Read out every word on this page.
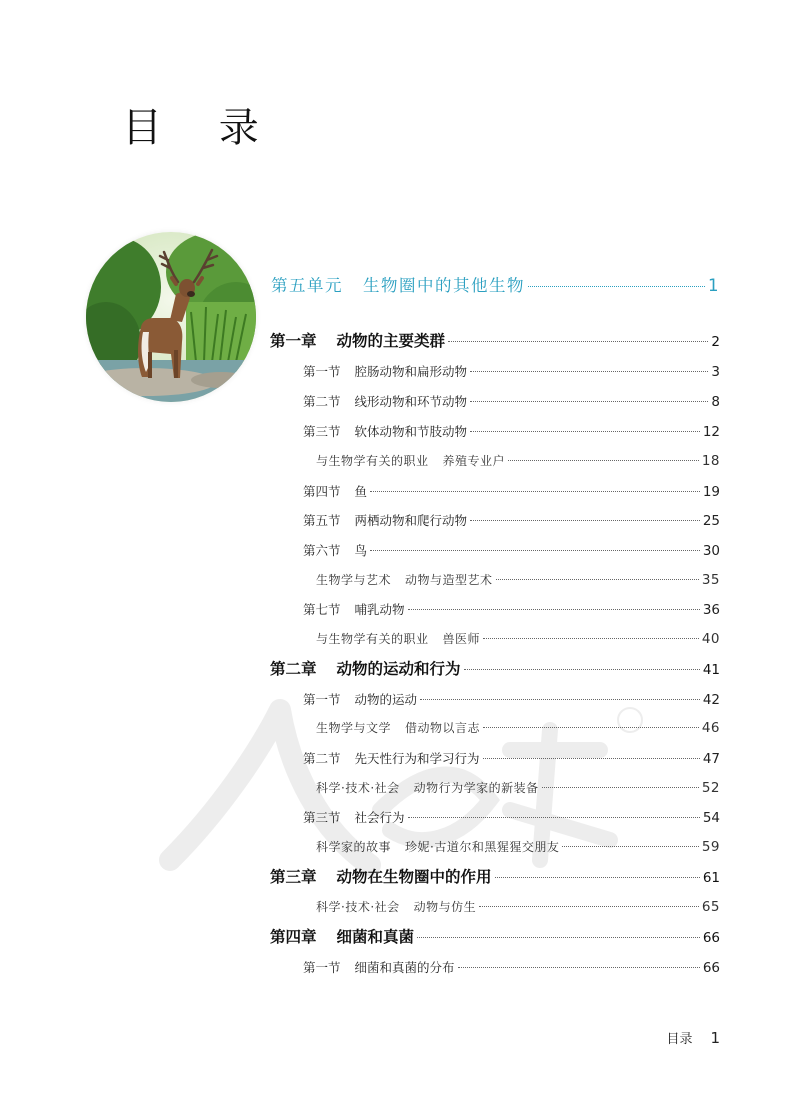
目 录
第五单元 生物圈中的其他生物	1
第一章 动物的主要类群	2
第一节 腔肠动物和扁形动物	3
第二节 线形动物和环节动物	8
第三节 软体动物和节肢动物	12
与生物学有关的职业 养殖专业户	18
第四节 鱼	19
第五节 两栖动物和爬行动物	25
第六节 鸟	30
生物学与艺术 动物与造型艺术	35
第七节 哺乳动物	36
与生物学有关的职业 兽医师	40
第二章 动物的运动和行为	41
第一节 动物的运动	42
生物学与文学 借动物以言志	46
第二节 先天性行为和学习行为	47
科学·技术·社会 动物行为学家的新装备	52
第三节 社会行为	54
科学家的故事 珍妮·古道尔和黑猩猩交朋友	59
第三章 动物在生物圈中的作用	61
科学·技术·社会 动物与仿生	65
第四章 细菌和真菌	66
第一节 细菌和真菌的分布	66
目录 1
